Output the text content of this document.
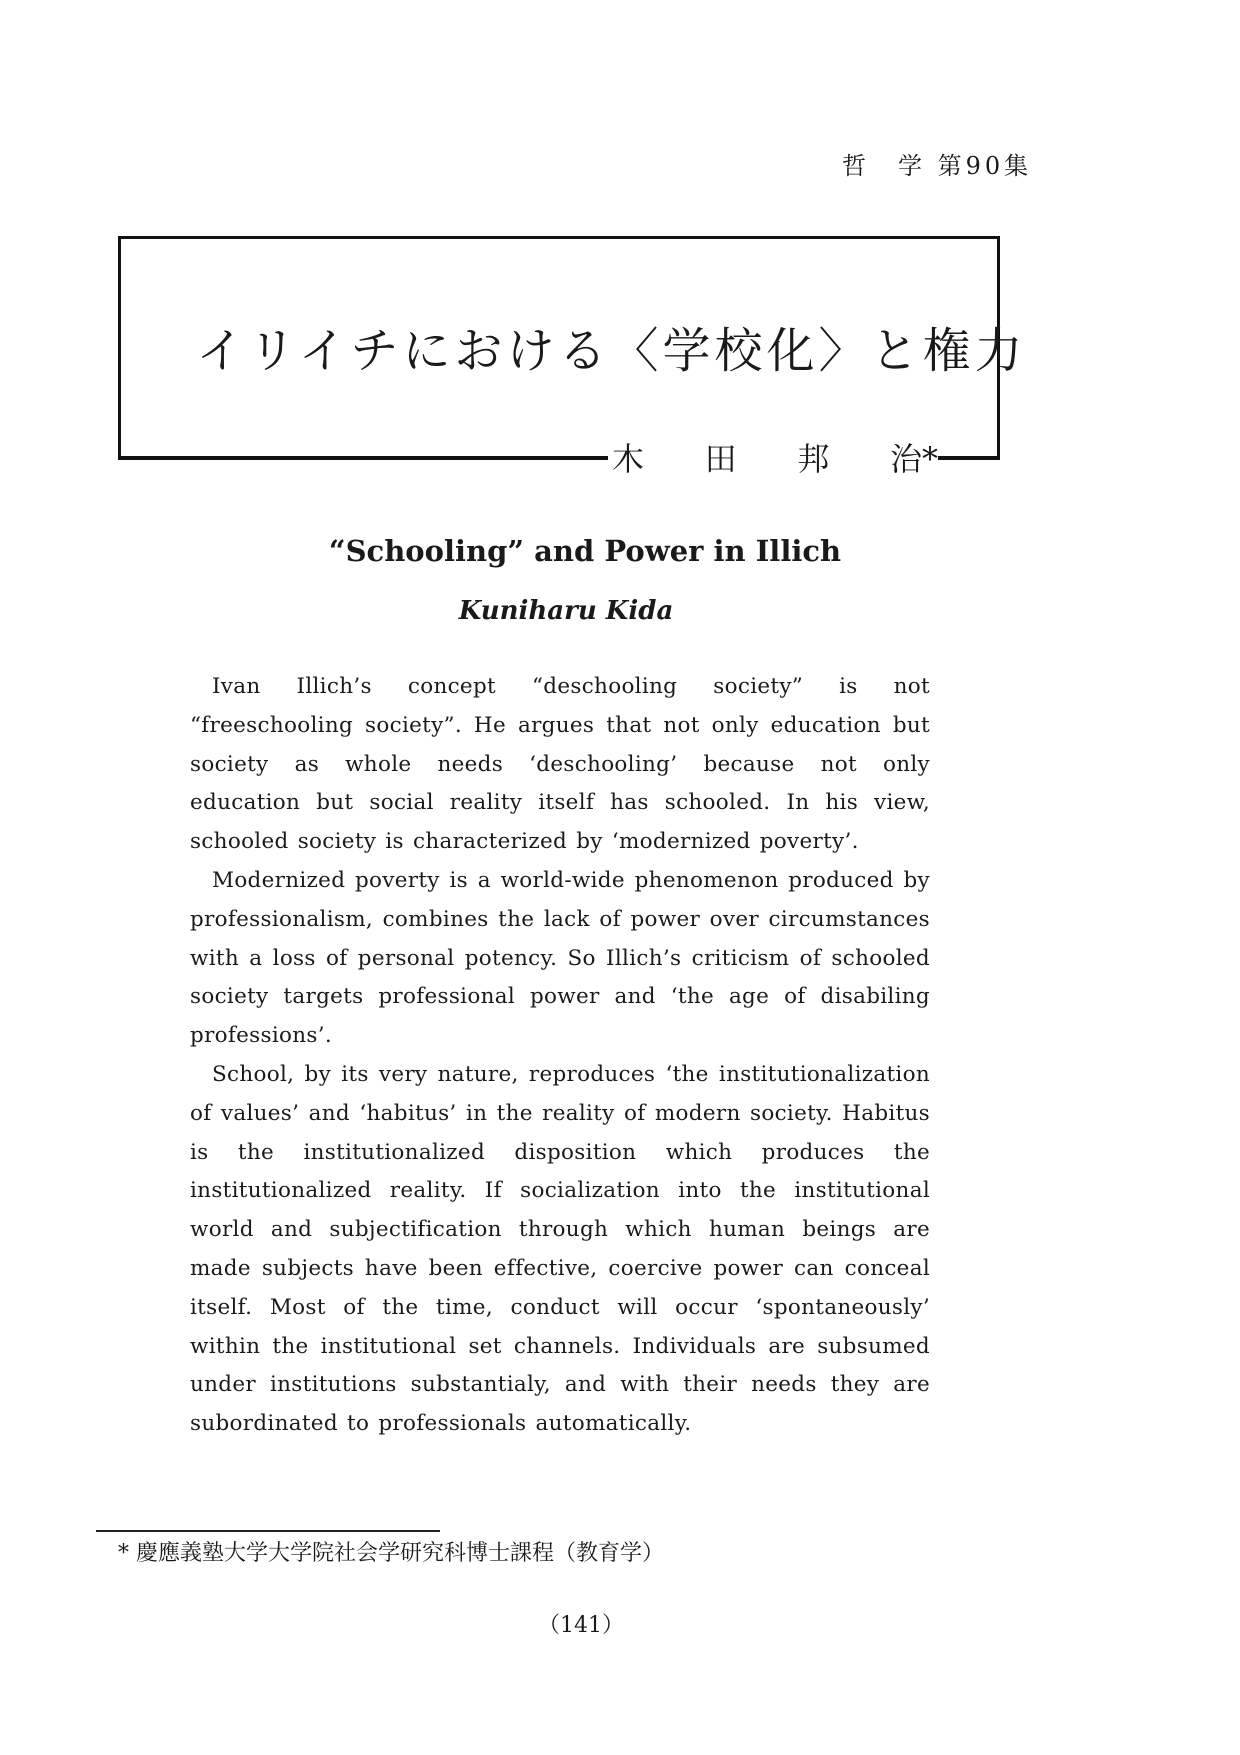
哲　学 第90集
イリイチにおける〈学校化〉と権力
木 田 邦 治*
“Schooling” and Power in Illich
Kuniharu Kida

Ivan Illich’s concept “deschooling society” is not “freeschooling society”. He argues that not only education but society as whole needs ‘deschooling’ because not only education but social reality itself has schooled. In his view, schooled society is characterized by ‘modernized poverty’.

Modernized poverty is a world-wide phenomenon produced by professionalism, combines the lack of power over circumstances with a loss of personal potency. So Illich’s criticism of schooled society targets professional power and ‘the age of disabiling professions’.

School, by its very nature, reproduces ‘the institutionalization of values’ and ‘habitus’ in the reality of modern society. Habitus is the institutionalized disposition which produces the institutionalized reality. If socialization into the institutional world and subjectification through which human beings are made subjects have been effective, coercive power can conceal itself. Most of the time, conduct will occur ‘spontaneously’ within the institutional set channels. Individuals are subsumed under institutions substantialy, and with their needs they are subordinated to professionals automatically.

* 慶應義塾大学大学院社会学研究科博士課程（教育学）
（141）
